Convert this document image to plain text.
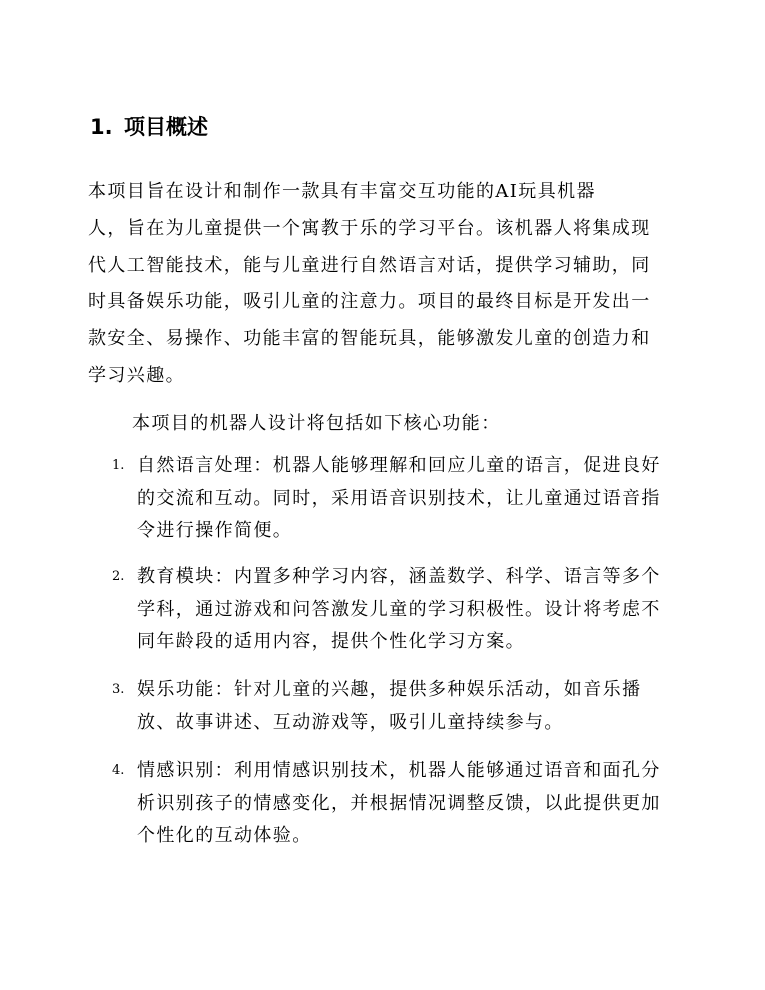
1. 项目概述
本项目旨在设计和制作一款具有丰富交互功能的AI玩具机器
人，旨在为儿童提供一个寓教于乐的学习平台。该机器人将集成现
代人工智能技术，能与儿童进行自然语言对话，提供学习辅助，同
时具备娱乐功能，吸引儿童的注意力。项目的最终目标是开发出一
款安全、易操作、功能丰富的智能玩具，能够激发儿童的创造力和
学习兴趣。
本项目的机器人设计将包括如下核心功能：
1. 自然语言处理：机器人能够理解和回应儿童的语言，促进良好
的交流和互动。同时，采用语音识别技术，让儿童通过语音指
令进行操作简便。
2. 教育模块：内置多种学习内容，涵盖数学、科学、语言等多个
学科，通过游戏和问答激发儿童的学习积极性。设计将考虑不
同年龄段的适用内容，提供个性化学习方案。
3. 娱乐功能：针对儿童的兴趣，提供多种娱乐活动，如音乐播
放、故事讲述、互动游戏等，吸引儿童持续参与。
4. 情感识别：利用情感识别技术，机器人能够通过语音和面孔分
析识别孩子的情感变化，并根据情况调整反馈，以此提供更加
个性化的互动体验。
